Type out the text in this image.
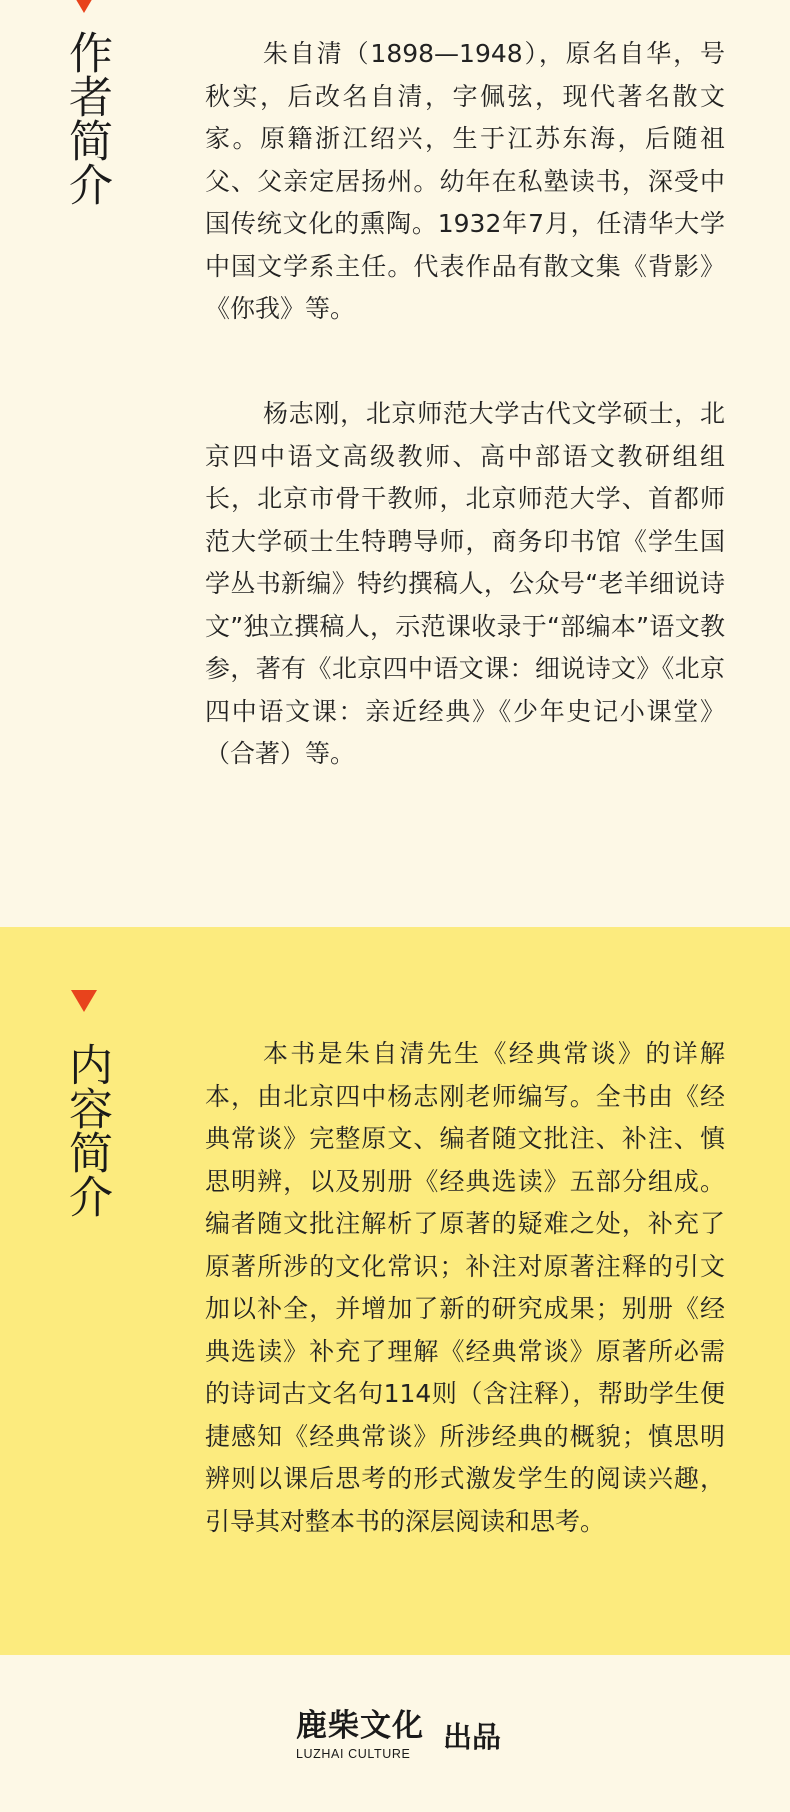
作者简介	朱自清（1898—1948），原名自华，号秋实，后改名自清，字佩弦，现代著名散文家。原籍浙江绍兴，生于江苏东海，后随祖父、父亲定居扬州。幼年在私塾读书，深受中国传统文化的熏陶。1932年7月，任清华大学中国文学系主任。代表作品有散文集《背影》《你我》等。

杨志刚，北京师范大学古代文学硕士，北京四中语文高级教师、高中部语文教研组组长，北京市骨干教师，北京师范大学、首都师范大学硕士生特聘导师，商务印书馆《学生国学丛书新编》特约撰稿人，公众号“老羊细说诗文”独立撰稿人，示范课收录于“部编本”语文教参，著有《北京四中语文课：细说诗文》《北京四中语文课：亲近经典》《少年史记小课堂》（合著）等。

内容简介	本书是朱自清先生《经典常谈》的详解本，由北京四中杨志刚老师编写。全书由《经典常谈》完整原文、编者随文批注、补注、慎思明辨，以及别册《经典选读》五部分组成。编者随文批注解析了原著的疑难之处，补充了原著所涉的文化常识；补注对原著注释的引文加以补全，并增加了新的研究成果；别册《经典选读》补充了理解《经典常谈》原著所必需的诗词古文名句114则（含注释），帮助学生便捷感知《经典常谈》所涉经典的概貌；慎思明辨则以课后思考的形式激发学生的阅读兴趣，引导其对整本书的深层阅读和思考。

鹿柴文化
LUZHAI CULTURE	出品
